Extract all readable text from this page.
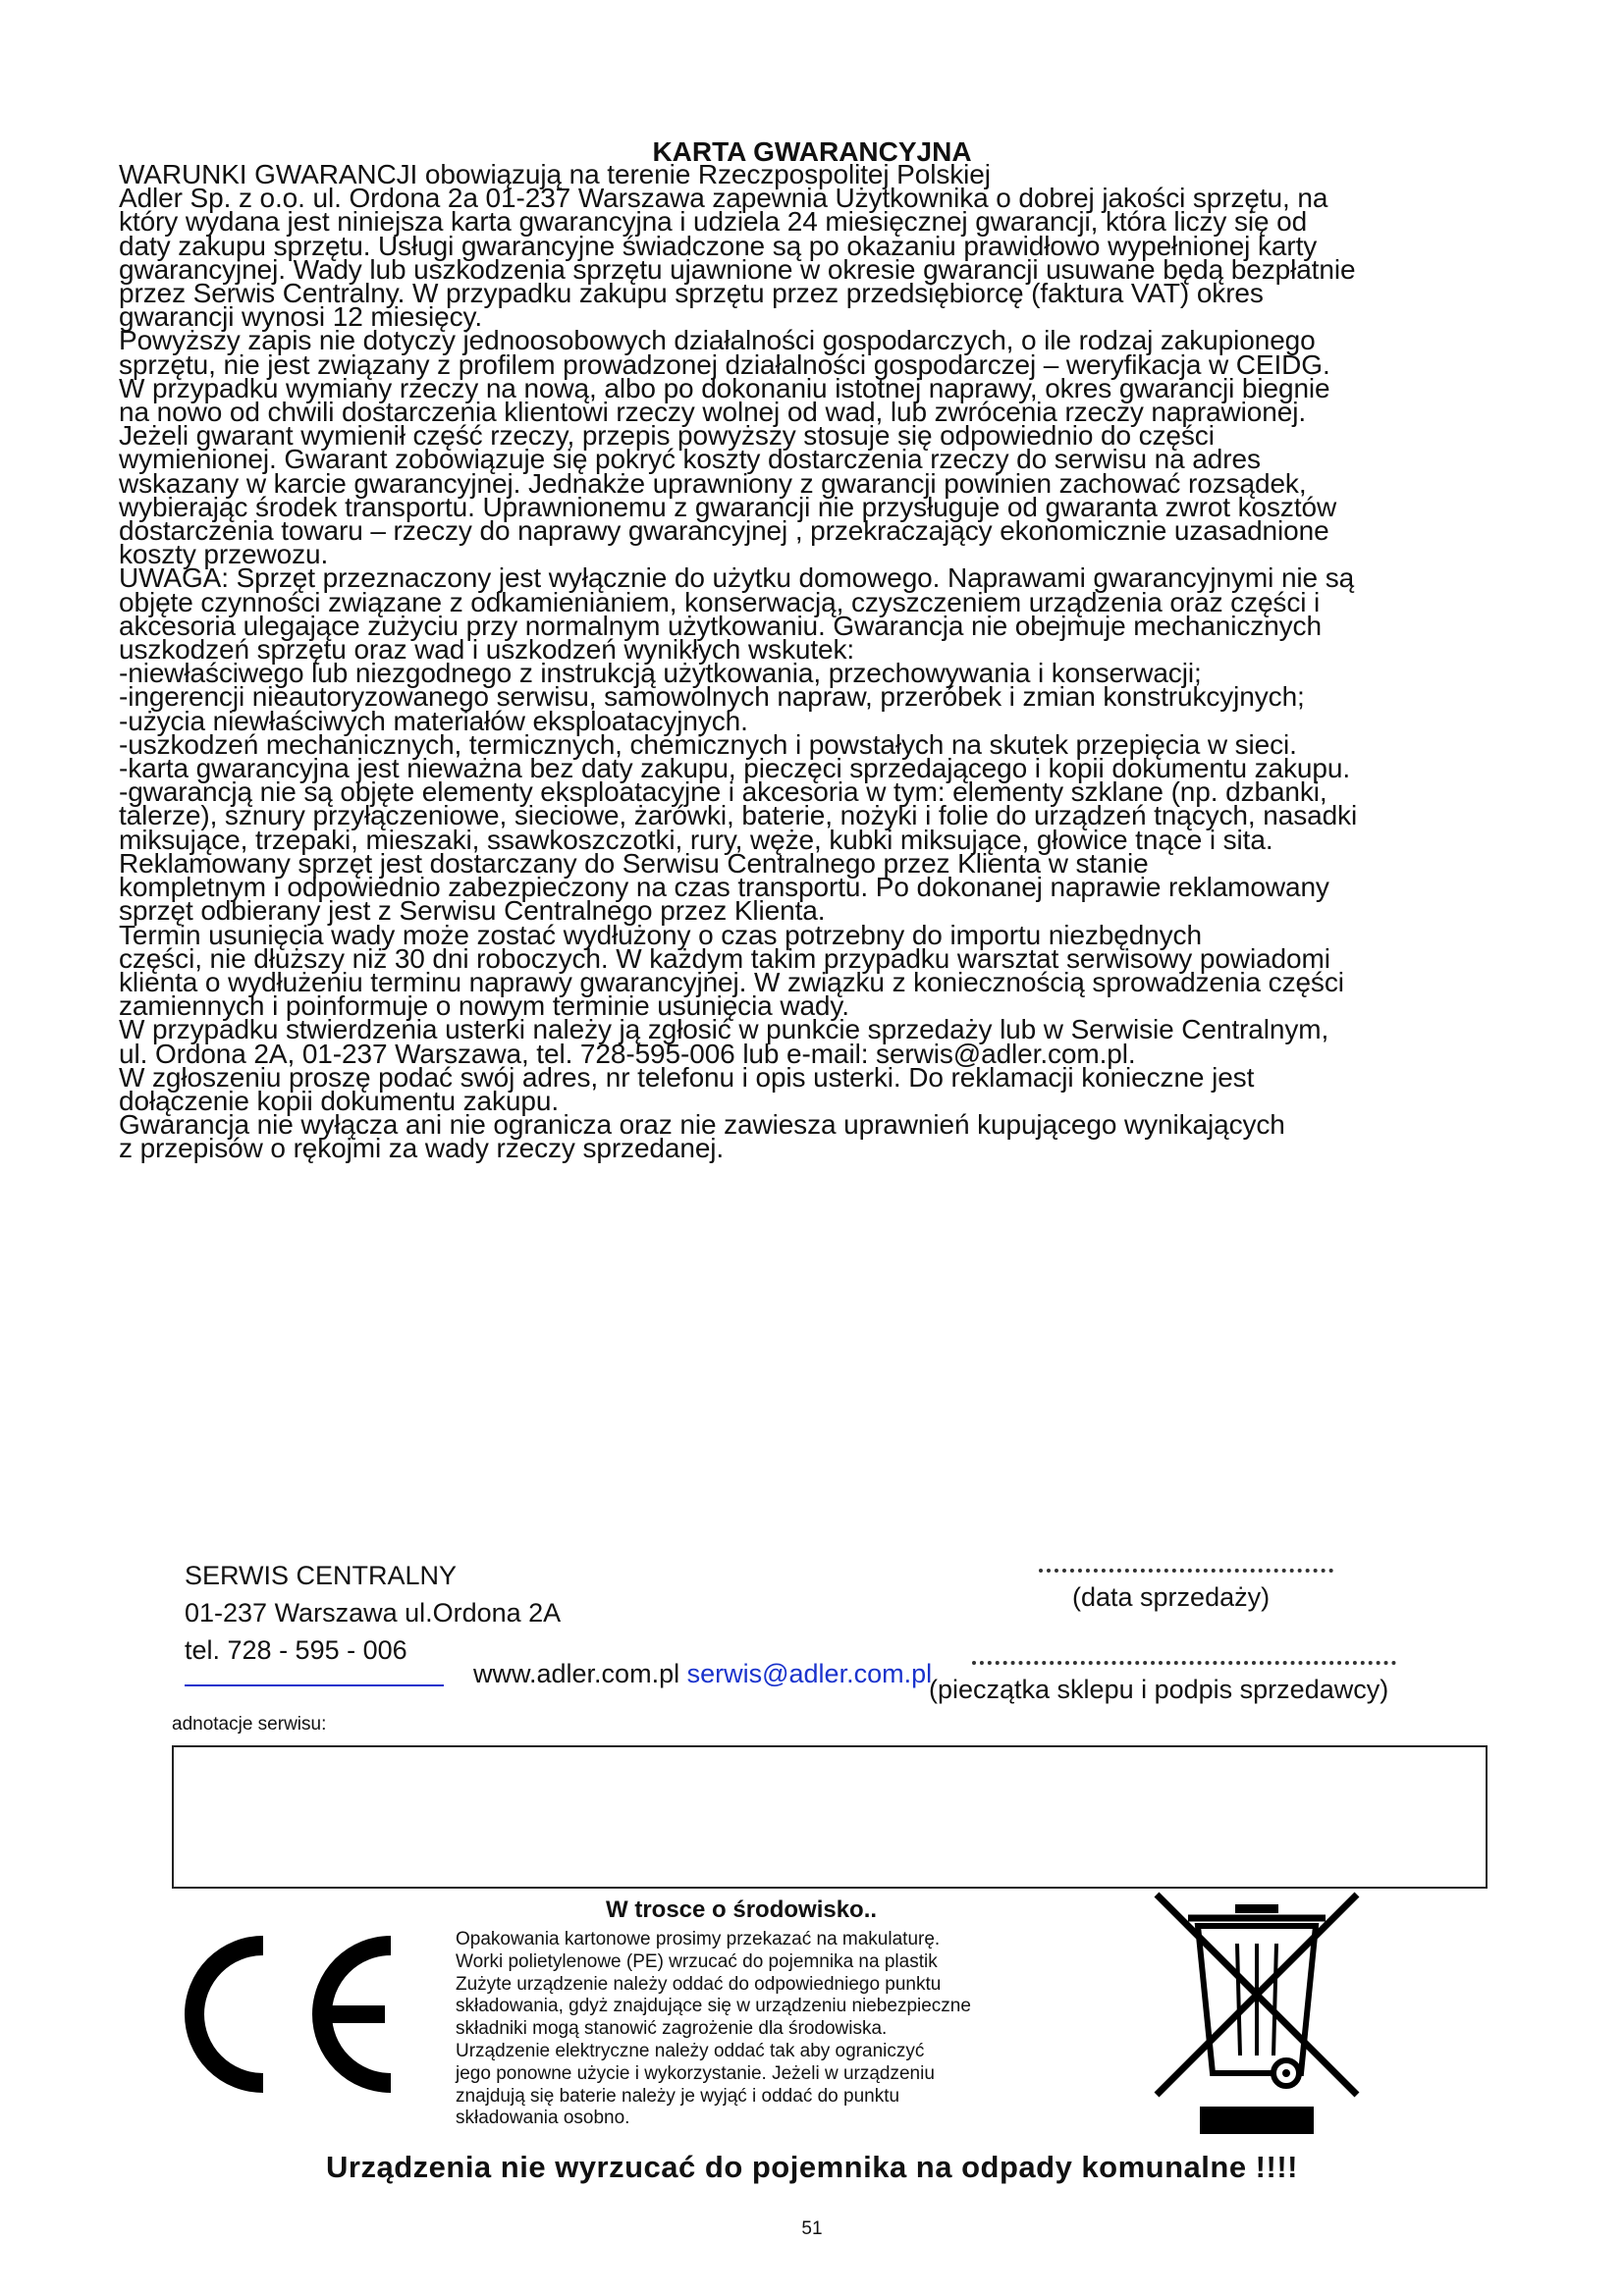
KARTA GWARANCYJNA

WARUNKI GWARANCJI obowiązują na terenie Rzeczpospolitej Polskiej

Adler Sp. z o.o. ul. Ordona 2a 01-237 Warszawa zapewnia Użytkownika o dobrej jakości sprzętu, na

który wydana jest niniejsza karta gwarancyjna i udziela 24 miesięcznej gwarancji, która liczy się od

daty zakupu sprzętu. Usługi gwarancyjne świadczone są po okazaniu prawidłowo wypełnionej karty

gwarancyjnej. Wady lub uszkodzenia sprzętu ujawnione w okresie gwarancji usuwane będą bezpłatnie

przez Serwis Centralny. W przypadku zakupu sprzętu przez przedsiębiorcę (faktura VAT) okres

gwarancji wynosi 12 miesięcy.

Powyższy zapis nie dotyczy jednoosobowych działalności gospodarczych, o ile rodzaj zakupionego

sprzętu, nie jest związany z profilem prowadzonej działalności gospodarczej – weryfikacja w CEIDG.

W przypadku wymiany rzeczy na nową, albo po dokonaniu istotnej naprawy, okres gwarancji biegnie

na nowo od chwili dostarczenia klientowi rzeczy wolnej od wad, lub zwrócenia rzeczy naprawionej.

Jeżeli gwarant wymienił część rzeczy, przepis powyższy stosuje się odpowiednio do części

wymienionej. Gwarant zobowiązuje się pokryć koszty dostarczenia rzeczy do serwisu na adres

wskazany w karcie gwarancyjnej. Jednakże uprawniony z gwarancji powinien zachować rozsądek,

wybierając środek transportu. Uprawnionemu z gwarancji nie przysługuje od gwaranta zwrot kosztów

dostarczenia towaru – rzeczy do naprawy gwarancyjnej , przekraczający ekonomicznie uzasadnione

koszty przewozu.

UWAGA: Sprzęt przeznaczony jest wyłącznie do użytku domowego. Naprawami gwarancyjnymi nie są

objęte czynności związane z odkamienianiem, konserwacją, czyszczeniem urządzenia oraz części i

akcesoria ulegające zużyciu przy normalnym użytkowaniu. Gwarancja nie obejmuje mechanicznych

uszkodzeń sprzętu oraz wad i uszkodzeń wynikłych wskutek:

-niewłaściwego lub niezgodnego z instrukcją użytkowania, przechowywania i konserwacji;

-ingerencji nieautoryzowanego serwisu, samowolnych napraw, przeróbek i zmian konstrukcyjnych;

-użycia niewłaściwych materiałów eksploatacyjnych.

-uszkodzeń mechanicznych, termicznych, chemicznych i powstałych na skutek przepięcia w sieci.

-karta gwarancyjna jest nieważna bez daty zakupu, pieczęci sprzedającego i kopii dokumentu zakupu.

-gwarancją nie są objęte elementy eksploatacyjne i akcesoria w tym: elementy szklane (np. dzbanki,

talerze), sznury przyłączeniowe, sieciowe, żarówki, baterie, nożyki i folie do urządzeń tnących, nasadki

miksujące, trzepaki, mieszaki, ssawkoszczotki, rury, węże, kubki miksujące, głowice tnące i sita.

Reklamowany sprzęt jest dostarczany do Serwisu Centralnego przez Klienta w stanie

kompletnym i odpowiednio zabezpieczony na czas transportu. Po dokonanej naprawie reklamowany

sprzęt odbierany jest z Serwisu Centralnego przez Klienta.

Termin usunięcia wady może zostać wydłużony o czas potrzebny do importu niezbędnych

części, nie dłuższy niż 30 dni roboczych. W każdym takim przypadku warsztat serwisowy powiadomi

klienta o wydłużeniu terminu naprawy gwarancyjnej. W związku z koniecznością sprowadzenia części

zamiennych i poinformuje o nowym terminie usunięcia wady.

W przypadku stwierdzenia usterki należy ją zgłosić w punkcie sprzedaży lub w Serwisie Centralnym,

ul. Ordona 2A, 01-237 Warszawa, tel. 728-595-006 lub e-mail: serwis@adler.com.pl.

W zgłoszeniu proszę podać swój adres, nr telefonu i opis usterki. Do reklamacji konieczne jest

dołączenie kopii dokumentu zakupu.

Gwarancja nie wyłącza ani nie ogranicza oraz nie zawiesza uprawnień kupującego wynikających

z przepisów o rękojmi za wady rzeczy sprzedanej.

SERWIS CENTRALNY
01-237 Warszawa ul.Ordona 2A
tel. 728 - 595 - 006
www.adler.com.pl serwis@adler.com.pl
(data sprzedaży)
(pieczątka sklepu i podpis sprzedawcy)
adnotacje serwisu:
W trosce o środowisko..
Opakowania kartonowe prosimy przekazać na makulaturę.
Worki polietylenowe (PE) wrzucać do pojemnika na plastik
Zużyte urządzenie należy oddać do odpowiedniego punktu
składowania, gdyż znajdujące się w urządzeniu niebezpieczne
składniki mogą stanowić zagrożenie dla środowiska.
Urządzenie elektryczne należy oddać tak aby ograniczyć
jego ponowne użycie i wykorzystanie. Jeżeli w urządzeniu
znajdują się baterie należy je wyjąć i oddać do punktu
składowania osobno.
Urządzenia nie wyrzucać do pojemnika na odpady komunalne !!!!
51
